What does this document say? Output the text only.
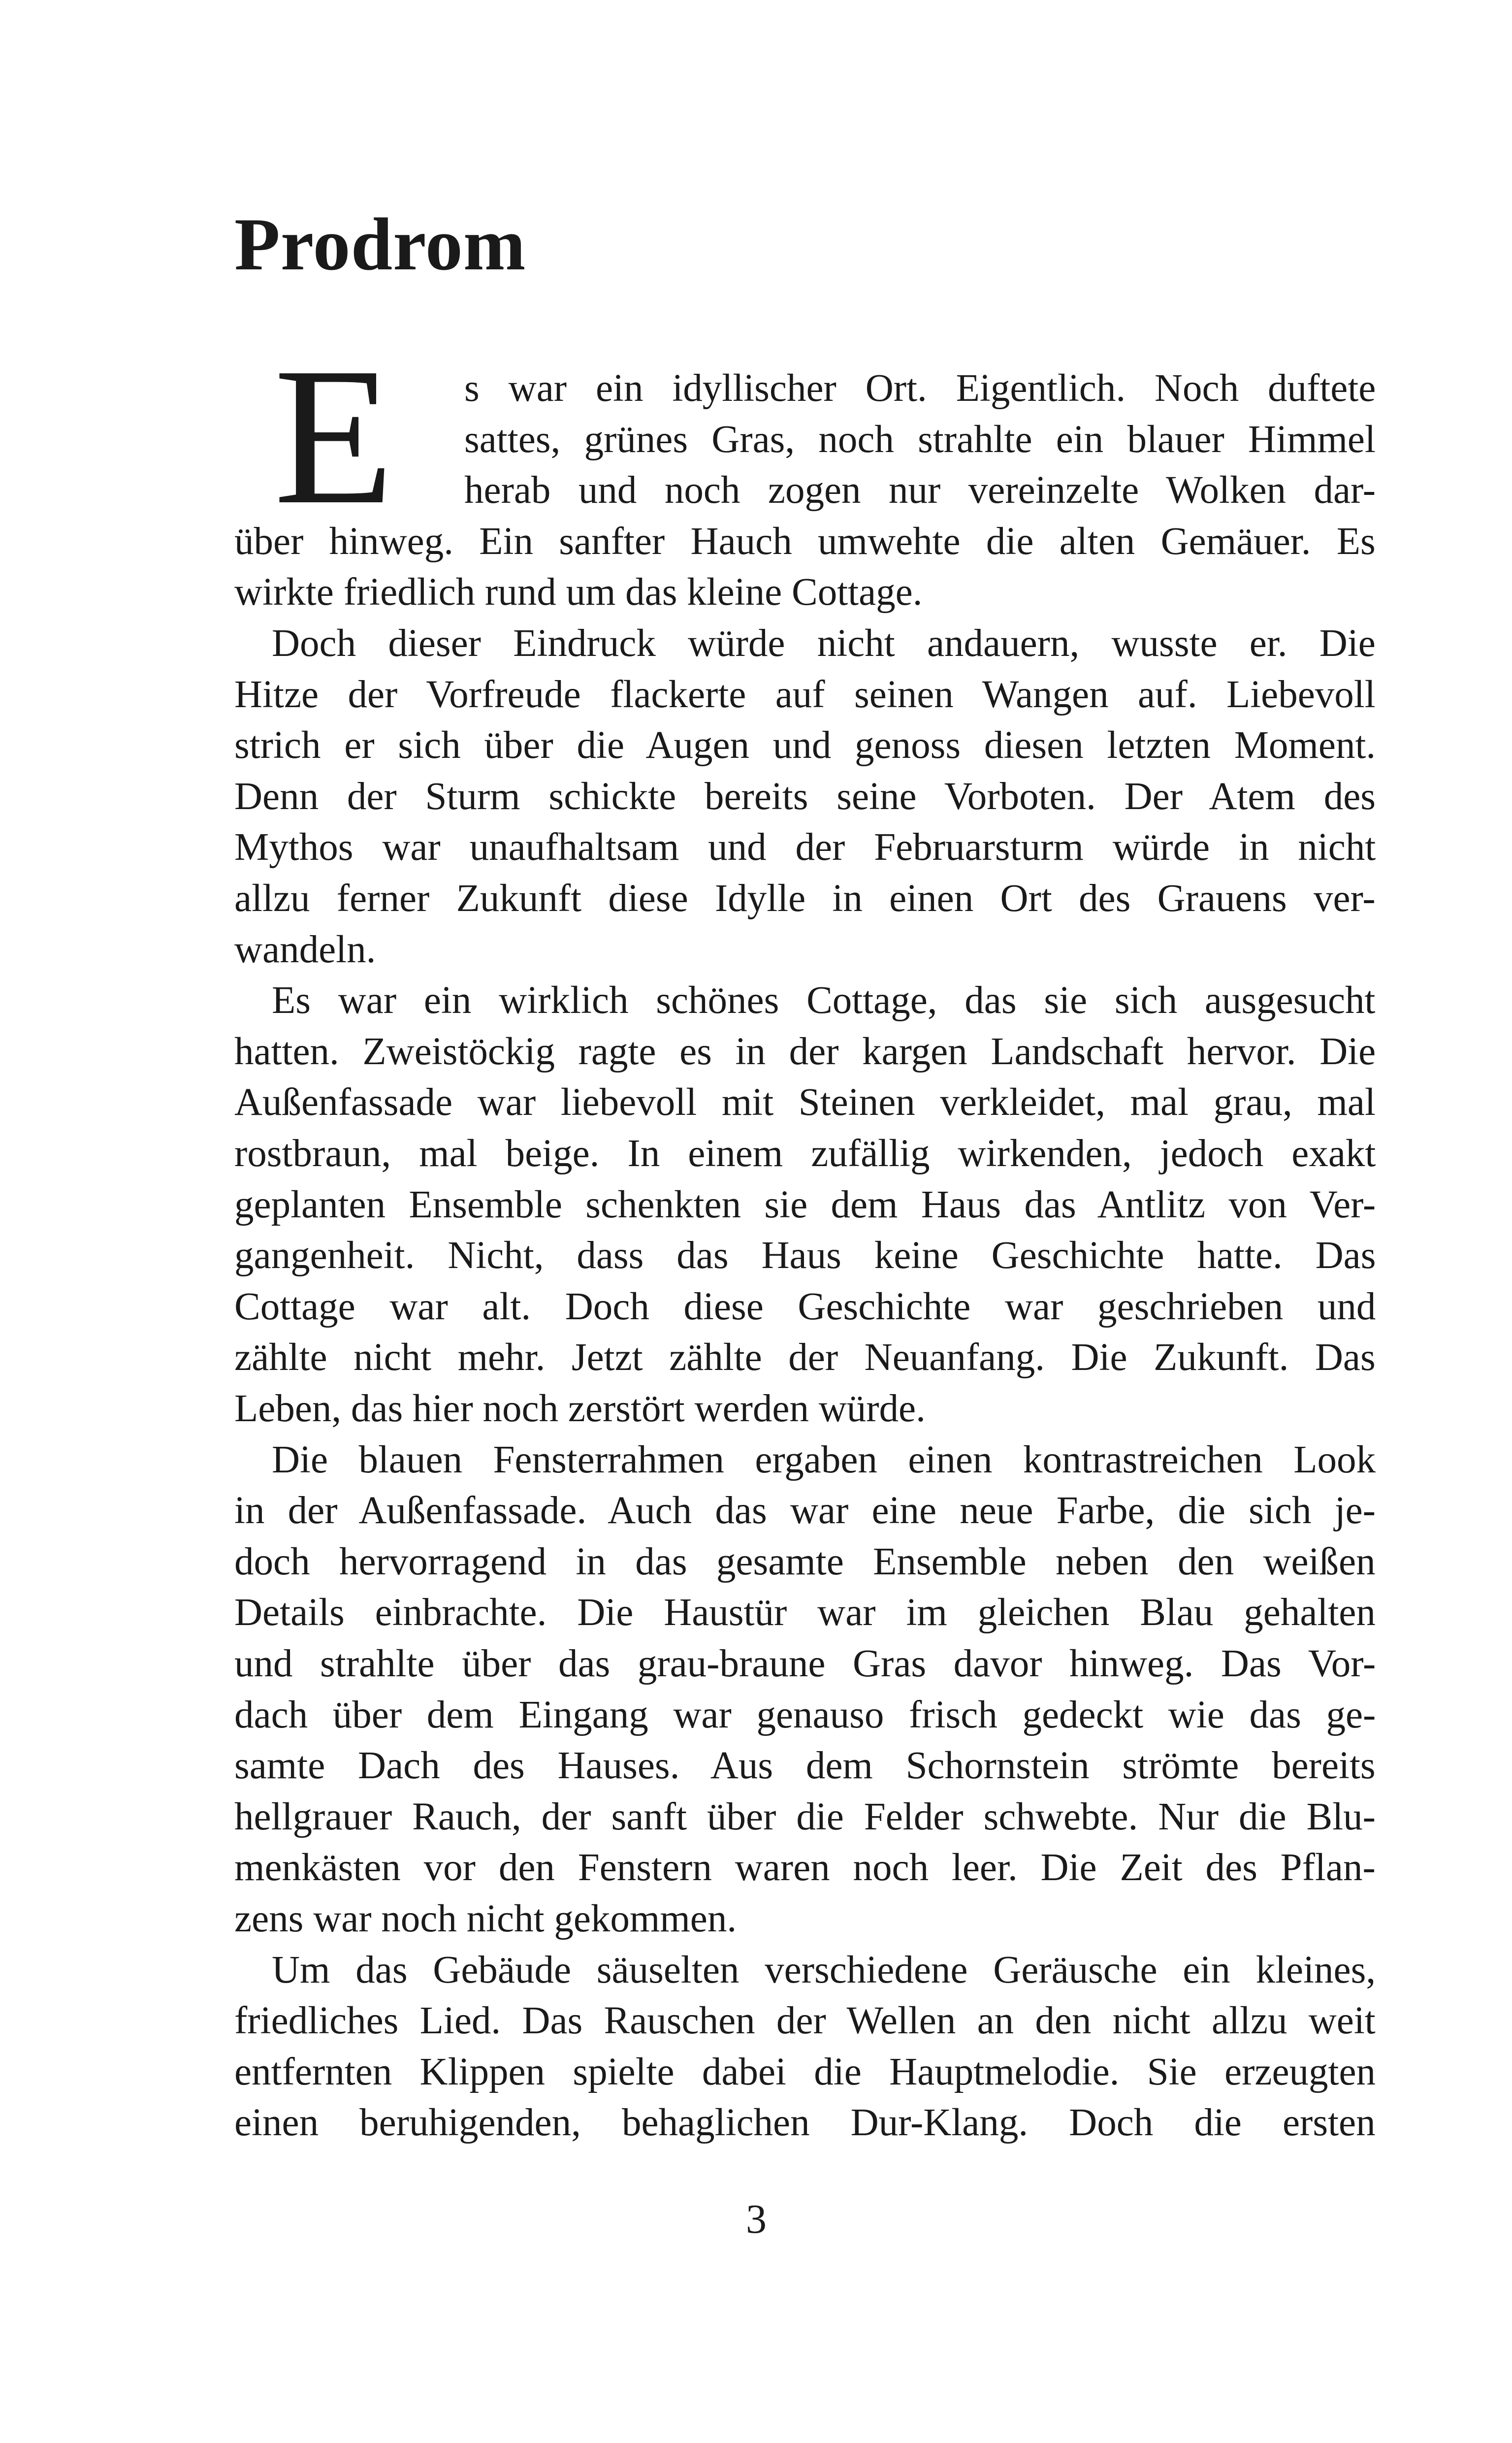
Prodrom
E	s war ein idyllischer Ort. Eigentlich. Noch duftete
sattes, grünes Gras, noch strahlte ein blauer Himmel
herab und noch zogen nur vereinzelte Wolken dar-
über hinweg. Ein sanfter Hauch umwehte die alten Gemäuer. Es
wirkte friedlich rund um das kleine Cottage.
Doch dieser Eindruck würde nicht andauern, wusste er. Die
Hitze der Vorfreude flackerte auf seinen Wangen auf. Liebevoll
strich er sich über die Augen und genoss diesen letzten Moment.
Denn der Sturm schickte bereits seine Vorboten. Der Atem des
Mythos war unaufhaltsam und der Februarsturm würde in nicht
allzu ferner Zukunft diese Idylle in einen Ort des Grauens ver-
wandeln.
Es war ein wirklich schönes Cottage, das sie sich ausgesucht
hatten. Zweistöckig ragte es in der kargen Landschaft hervor. Die
Außenfassade war liebevoll mit Steinen verkleidet, mal grau, mal
rostbraun, mal beige. In einem zufällig wirkenden, jedoch exakt
geplanten Ensemble schenkten sie dem Haus das Antlitz von Ver-
gangenheit. Nicht, dass das Haus keine Geschichte hatte. Das
Cottage war alt. Doch diese Geschichte war geschrieben und
zählte nicht mehr. Jetzt zählte der Neuanfang. Die Zukunft. Das
Leben, das hier noch zerstört werden würde.
Die blauen Fensterrahmen ergaben einen kontrastreichen Look
in der Außenfassade. Auch das war eine neue Farbe, die sich je-
doch hervorragend in das gesamte Ensemble neben den weißen
Details einbrachte. Die Haustür war im gleichen Blau gehalten
und strahlte über das grau-braune Gras davor hinweg. Das Vor-
dach über dem Eingang war genauso frisch gedeckt wie das ge-
samte Dach des Hauses. Aus dem Schornstein strömte bereits
hellgrauer Rauch, der sanft über die Felder schwebte. Nur die Blu-
menkästen vor den Fenstern waren noch leer. Die Zeit des Pflan-
zens war noch nicht gekommen.
Um das Gebäude säuselten verschiedene Geräusche ein kleines,
friedliches Lied. Das Rauschen der Wellen an den nicht allzu weit
entfernten Klippen spielte dabei die Hauptmelodie. Sie erzeugten
einen beruhigenden, behaglichen Dur-Klang. Doch die ersten
3
